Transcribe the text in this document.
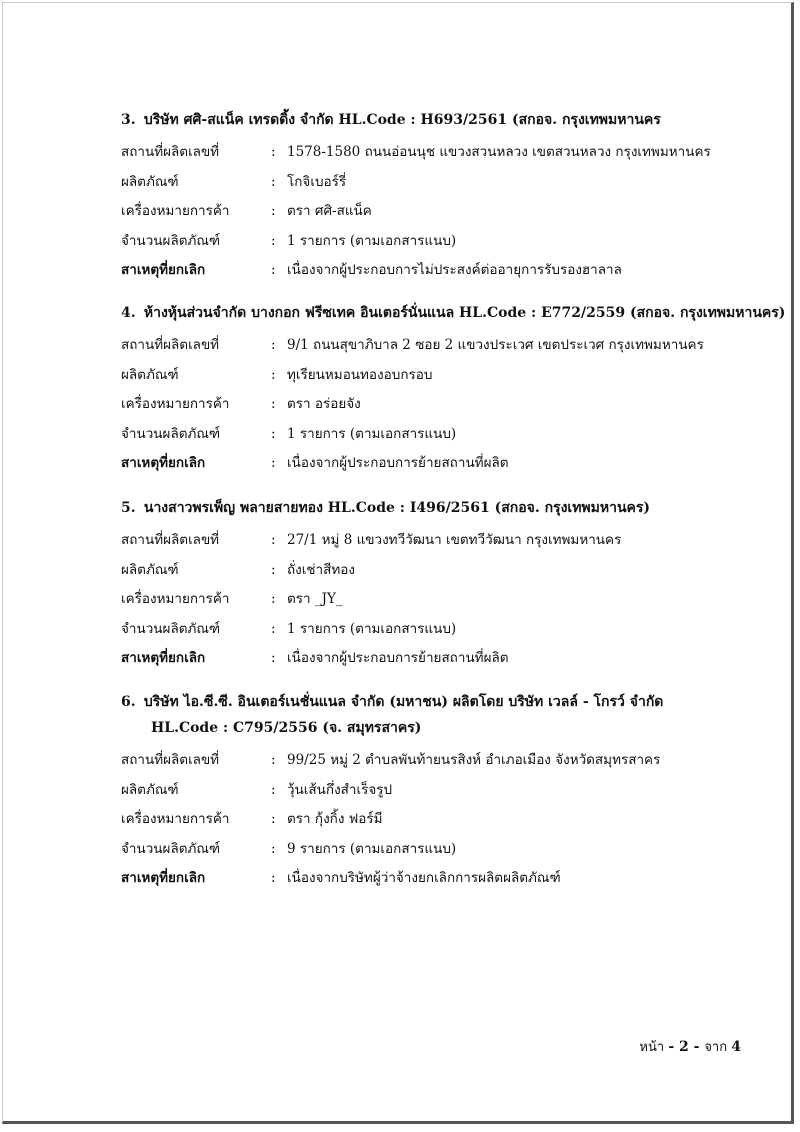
3. บริษัท ศศิ-สแน็ค เทรดดิ้ง จำกัด HL.Code : H693/2561 (สกอจ. กรุงเทพมหานคร
สถานที่ผลิตเลขที่	: 1578-1580 ถนนอ่อนนุช แขวงสวนหลวง เขตสวนหลวง กรุงเทพมหานคร
ผลิตภัณฑ์	: โกจิเบอร์รี่
เครื่องหมายการค้า	: ตรา ศศิ-สแน็ค
จำนวนผลิตภัณฑ์	: 1 รายการ (ตามเอกสารแนบ)
สาเหตุที่ยกเลิก	: เนื่องจากผู้ประกอบการไม่ประสงค์ต่ออายุการรับรองฮาลาล
4. ห้างหุ้นส่วนจำกัด บางกอก ฟรีซเทค อินเตอร์นั่นแนล HL.Code : E772/2559 (สกอจ. กรุงเทพมหานคร)
สถานที่ผลิตเลขที่	: 9/1 ถนนสุขาภิบาล 2 ซอย 2 แขวงประเวศ เขตประเวศ กรุงเทพมหานคร
ผลิตภัณฑ์	: ทุเรียนหมอนทองอบกรอบ
เครื่องหมายการค้า	: ตรา อร่อยจัง
จำนวนผลิตภัณฑ์	: 1 รายการ (ตามเอกสารแนบ)
สาเหตุที่ยกเลิก	: เนื่องจากผู้ประกอบการย้ายสถานที่ผลิต
5. นางสาวพรเพ็ญ พลายสายทอง HL.Code : I496/2561 (สกอจ. กรุงเทพมหานคร)
สถานที่ผลิตเลขที่	: 27/1 หมู่ 8 แขวงทวีวัฒนา เขตทวีวัฒนา กรุงเทพมหานคร
ผลิตภัณฑ์	: ถั่งเช่าสีทอง
เครื่องหมายการค้า	: ตรา _JY_
จำนวนผลิตภัณฑ์	: 1 รายการ (ตามเอกสารแนบ)
สาเหตุที่ยกเลิก	: เนื่องจากผู้ประกอบการย้ายสถานที่ผลิต
6. บริษัท ไอ.ซี.ซี. อินเตอร์เนชั่นแนล จำกัด (มหาชน) ผลิตโดย บริษัท เวลล์ - โกรว์ จำกัด
HL.Code : C795/2556 (จ. สมุทรสาคร)
สถานที่ผลิตเลขที่	: 99/25 หมู่ 2 ตำบลพันท้ายนรสิงห์ อำเภอเมือง จังหวัดสมุทรสาคร
ผลิตภัณฑ์	: วุ้นเส้นกึ่งสำเร็จรูป
เครื่องหมายการค้า	: ตรา กุ้งกิ้ง ฟอร์มี
จำนวนผลิตภัณฑ์	: 9 รายการ (ตามเอกสารแนบ)
สาเหตุที่ยกเลิก	: เนื่องจากบริษัทผู้ว่าจ้างยกเลิกการผลิตผลิตภัณฑ์
หน้า - 2 - จาก 4
